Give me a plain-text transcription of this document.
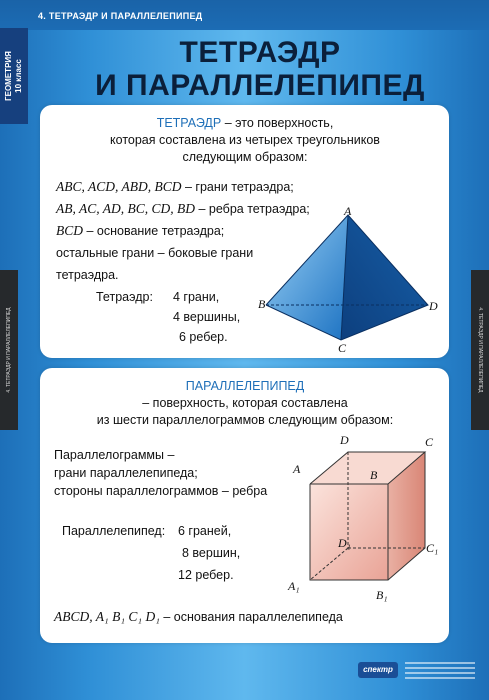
4. ТЕТРАЭДР И ПАРАЛЛЕЛЕПИПЕД
ГЕОМЕТРИЯ 10 класс
4. ТЕТРАЭДР И ПАРАЛЛЕЛЕПИПЕД	4. ТЕТРАЭДР И ПАРАЛЛЕЛЕПИПЕД
ТЕТРАЭДР
И ПАРАЛЛЕЛЕПИПЕД
ТЕТРАЭДР – это поверхность,
которая составлена из четырех треугольников
следующим образом:
ABC, ACD, ABD, BCD – грани тетраэдра;
AB, AC, AD, BC, CD, BD – ребра тетраэдра;
BCD – основание тетраэдра;
остальные грани – боковые грани
тетраэдра.
Тетраэдр: 4 грани,
4 вершины,
6 ребер.
A
B
C
D
ПАРАЛЛЕЛЕПИПЕД
– поверхность, которая составлена
из шести параллелограммов следующим образом:
Параллелограммы –
грани параллелепипеда;
стороны параллелограммов – ребра
Параллелепипед: 6 граней,
8 вершин,
12 ребер.
ABCD, A₁ B₁ C₁ D₁ – основания параллелепипеда
D	C
A	B
D₁	C₁
A₁
B₁
спектр
